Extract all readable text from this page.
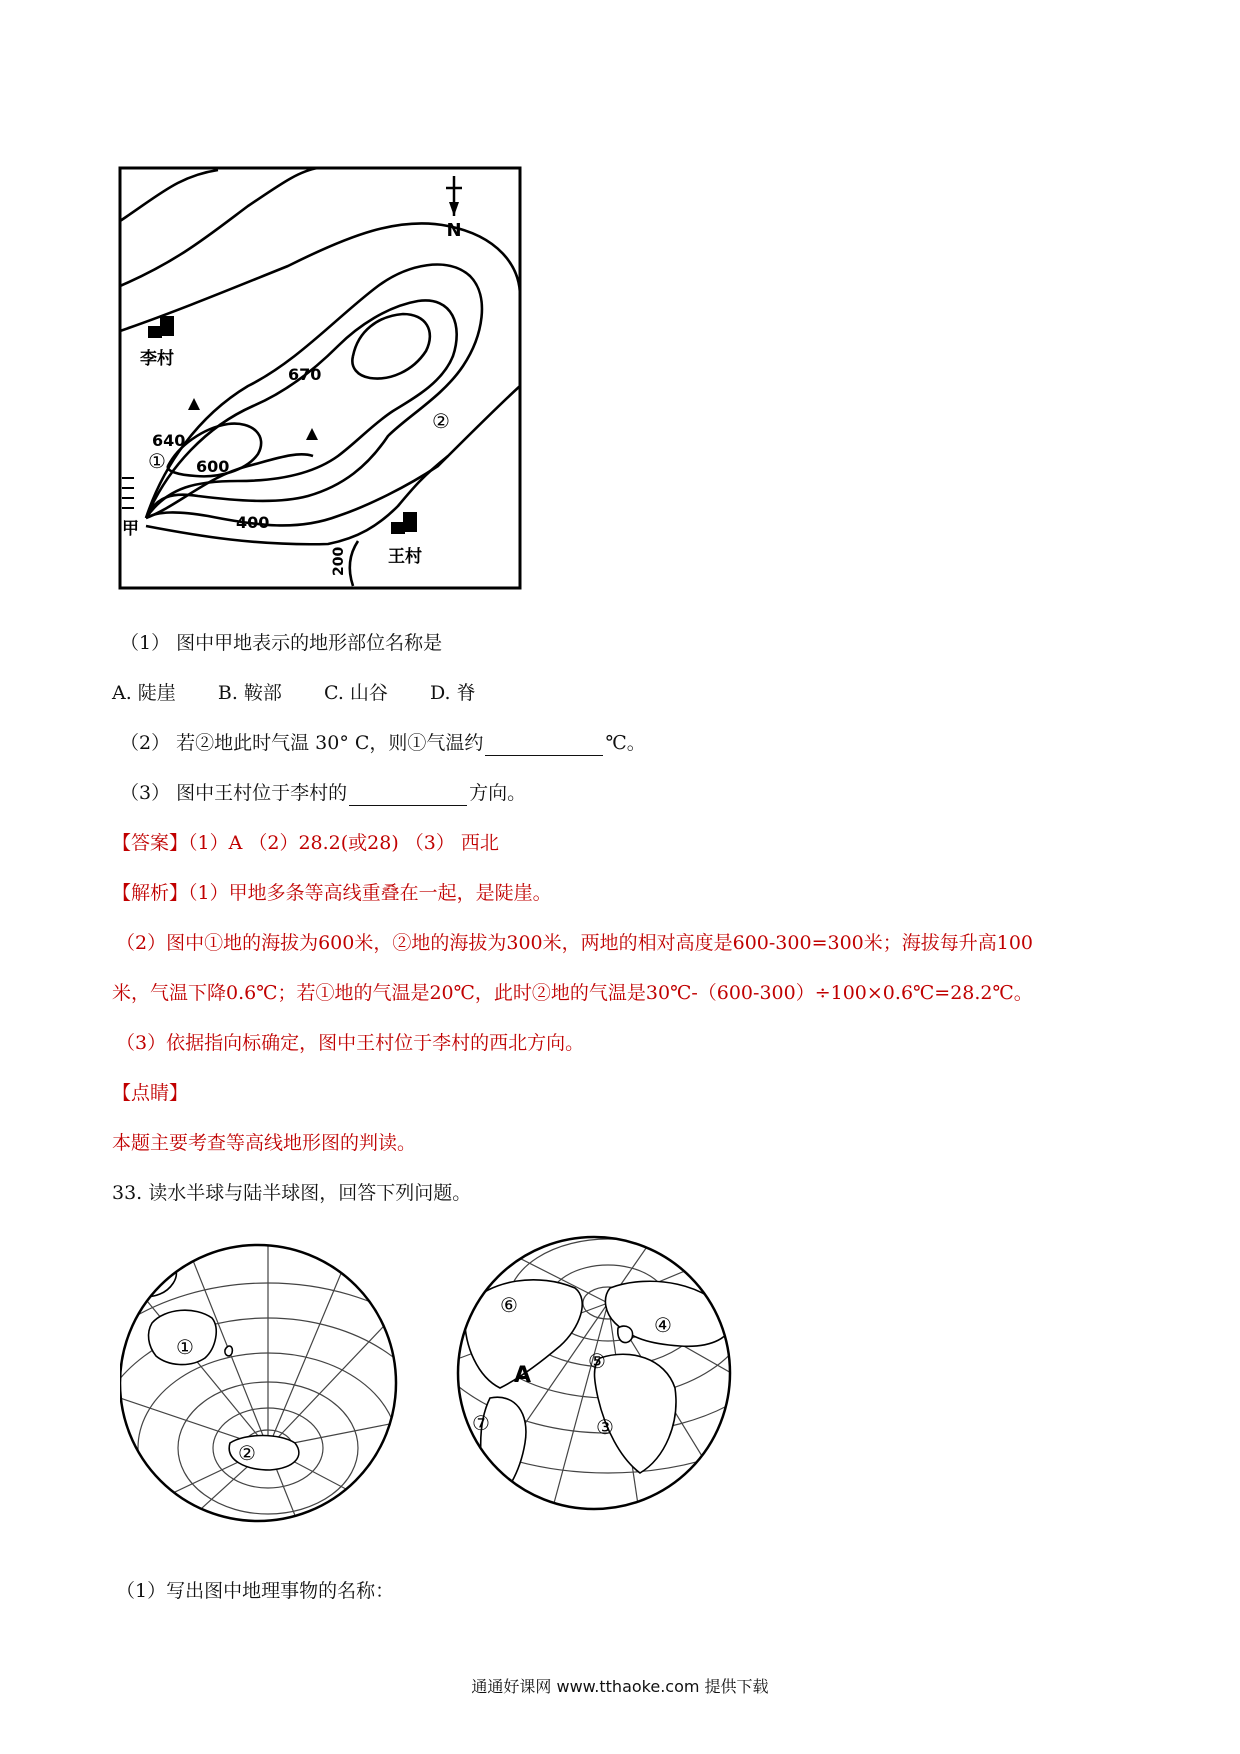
N
李村
王村
670
640
600
400
200
①
②
甲
（1） 图中甲地表示的地形部位名称是
A. 陡崖 B. 鞍部 C. 山谷 D. 脊
（2） 若②地此时气温 30° C，则①气温约	℃。
（3） 图中王村位于李村的	方向。
【答案】（1）A （2）28.2(或28) （3） 西北
【解析】（1）甲地多条等高线重叠在一起，是陡崖。
（2）图中①地的海拔为600米，②地的海拔为300米，两地的相对高度是600-300=300米；海拔每升高100
米，气温下降0.6℃；若①地的气温是20℃，此时②地的气温是30℃-（600-300）÷100×0.6℃=28.2℃。
（3）依据指向标确定，图中王村位于李村的西北方向。
【点睛】
本题主要考查等高线地形图的判读。
33. 读水半球与陆半球图，回答下列问题。
①
②
⑥
④
⑤
A
⑦	③
（1）写出图中地理事物的名称：
通通好课网 www.tthaoke.com 提供下载
